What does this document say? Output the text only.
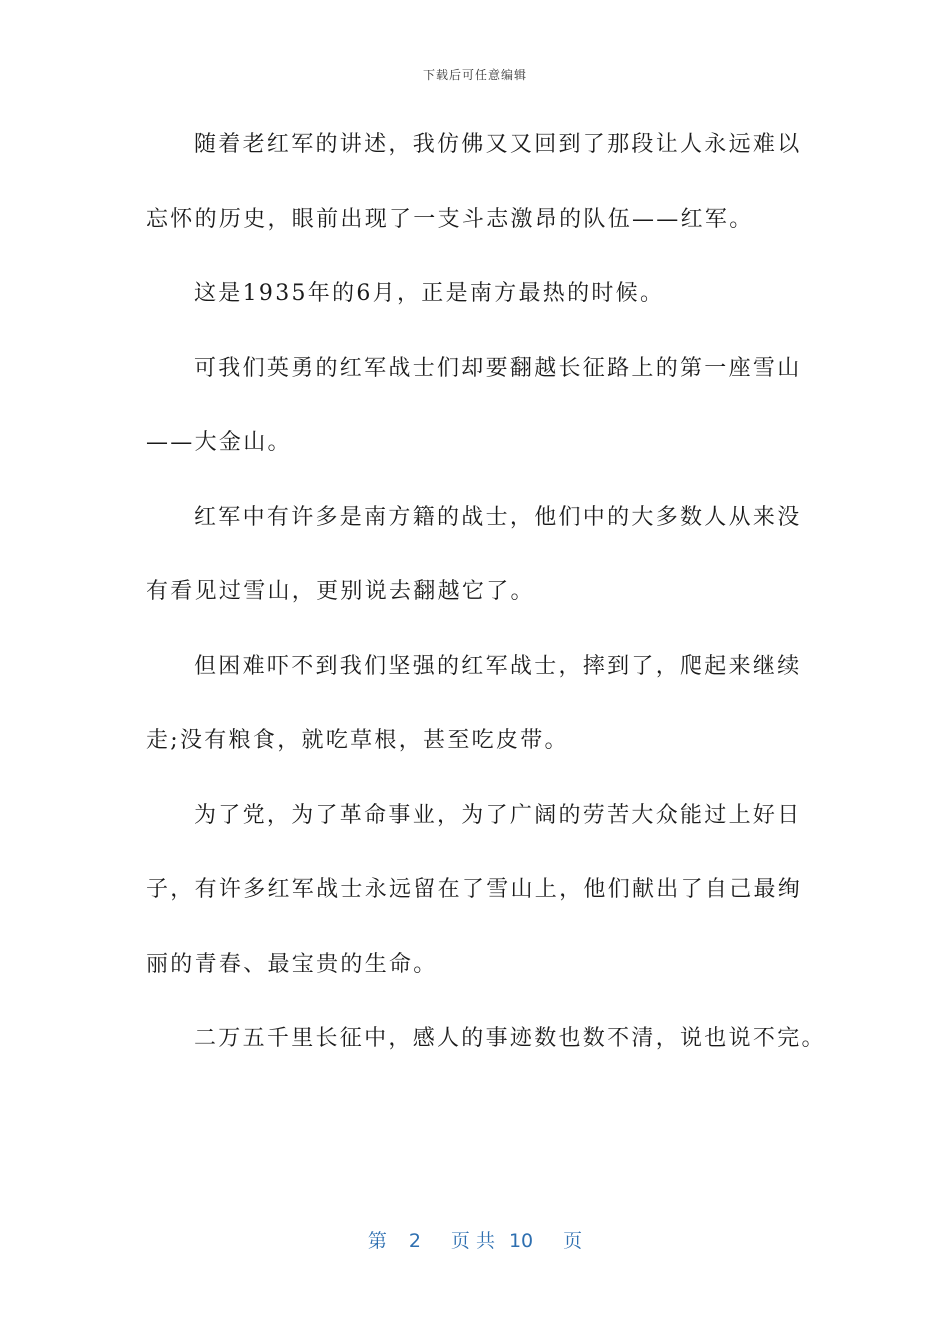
下载后可任意编辑
随着老红军的讲述，我仿佛又又回到了那段让人永远难以
忘怀的历史，眼前出现了一支斗志激昂的队伍——红军。
这是1935年的6月，正是南方最热的时候。
可我们英勇的红军战士们却要翻越长征路上的第一座雪山
——大金山。
红军中有许多是南方籍的战士，他们中的大多数人从来没
有看见过雪山，更别说去翻越它了。
但困难吓不到我们坚强的红军战士，摔到了，爬起来继续
走;没有粮食，就吃草根，甚至吃皮带。
为了党，为了革命事业，为了广阔的劳苦大众能过上好日
子，有许多红军战士永远留在了雪山上，他们献出了自己最绚
丽的青春、最宝贵的生命。
二万五千里长征中，感人的事迹数也数不清，说也说不完。
第 2 页 共 10 页
